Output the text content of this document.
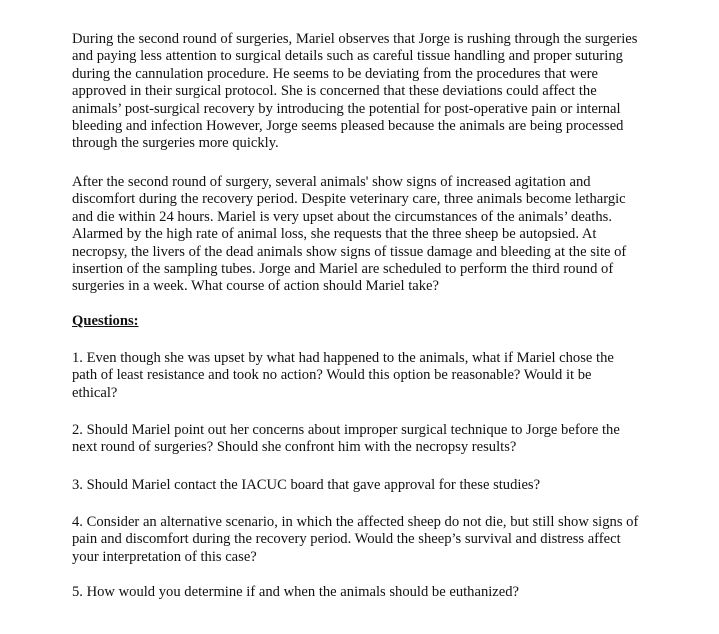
During the second round of surgeries, Mariel observes that Jorge is rushing through the surgeries
and paying less attention to surgical details such as careful tissue handling and proper suturing
during the cannulation procedure. He seems to be deviating from the procedures that were
approved in their surgical protocol. She is concerned that these deviations could affect the
animals’ post-surgical recovery by introducing the potential for post-operative pain or internal
bleeding and infection However, Jorge seems pleased because the animals are being processed
through the surgeries more quickly.

After the second round of surgery, several animals' show signs of increased agitation and
discomfort during the recovery period. Despite veterinary care, three animals become lethargic
and die within 24 hours. Mariel is very upset about the circumstances of the animals’ deaths.
Alarmed by the high rate of animal loss, she requests that the three sheep be autopsied. At
necropsy, the livers of the dead animals show signs of tissue damage and bleeding at the site of
insertion of the sampling tubes. Jorge and Mariel are scheduled to perform the third round of
surgeries in a week. What course of action should Mariel take?

Questions:

1. Even though she was upset by what had happened to the animals, what if Mariel chose the
path of least resistance and took no action? Would this option be reasonable? Would it be
ethical?

2. Should Mariel point out her concerns about improper surgical technique to Jorge before the
next round of surgeries? Should she confront him with the necropsy results?

3. Should Mariel contact the IACUC board that gave approval for these studies?

4. Consider an alternative scenario, in which the affected sheep do not die, but still show signs of
pain and discomfort during the recovery period. Would the sheep’s survival and distress affect
your interpretation of this case?

5. How would you determine if and when the animals should be euthanized?
